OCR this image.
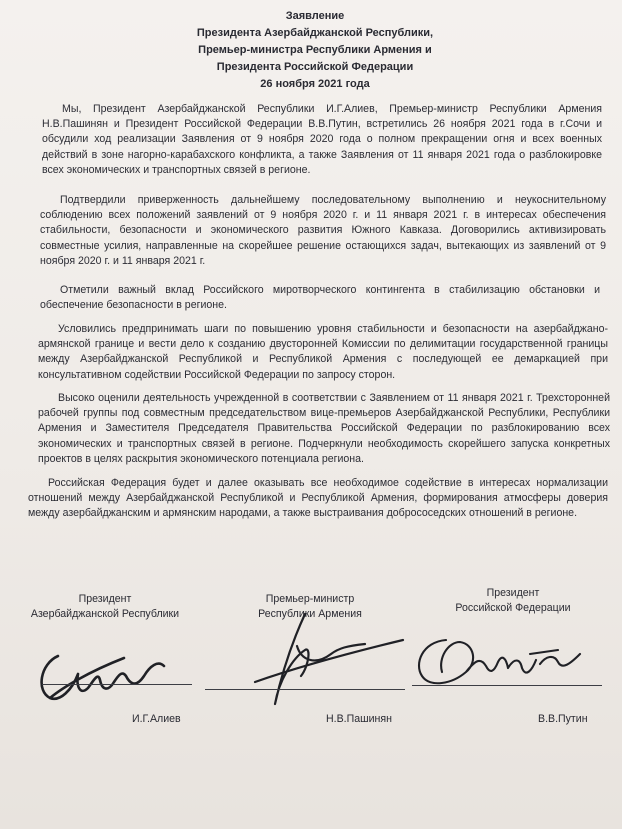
Заявление
Президента Азербайджанской Республики,
Премьер-министра Республики Армения и
Президента Российской Федерации
26 ноября 2021 года

Мы, Президент Азербайджанской Республики И.Г.Алиев, Премьер-министр Республики Армения Н.В.Пашинян и Президент Российской Федерации В.В.Путин, встретились 26 ноября 2021 года в г.Сочи и обсудили ход реализации Заявления от 9 ноября 2020 года о полном прекращении огня и всех военных действий в зоне нагорно-карабахского конфликта, а также Заявления от 11 января 2021 года о разблокировке всех экономических и транспортных связей в регионе.

Подтвердили приверженность дальнейшему последовательному выполнению и неукоснительному соблюдению всех положений заявлений от 9 ноября 2020 г. и 11 января 2021 г. в интересах обеспечения стабильности, безопасности и экономического развития Южного Кавказа. Договорились активизировать совместные усилия, направленные на скорейшее решение остающихся задач, вытекающих из заявлений от 9 ноября 2020 г. и 11 января 2021 г.

Отметили важный вклад Российского миротворческого контингента в стабилизацию обстановки и обеспечение безопасности в регионе.

Условились предпринимать шаги по повышению уровня стабильности и безопасности на азербайджано-армянской границе и вести дело к созданию двусторонней Комиссии по делимитации государственной границы между Азербайджанской Республикой и Республикой Армения с последующей ее демаркацией при консультативном содействии Российской Федерации по запросу сторон.

Высоко оценили деятельность учрежденной в соответствии с Заявлением от 11 января 2021 г. Трехсторонней рабочей группы под совместным председательством вице-премьеров Азербайджанской Республики, Республики Армения и Заместителя Председателя Правительства Российской Федерации по разблокированию всех экономических и транспортных связей в регионе. Подчеркнули необходимость скорейшего запуска конкретных проектов в целях раскрытия экономического потенциала региона.

Российская Федерация будет и далее оказывать все необходимое содействие в интересах нормализации отношений между Азербайджанской Республикой и Республикой Армения, формирования атмосферы доверия между азербайджанским и армянским народами, а также выстраивания добрососедских отношений в регионе.

Президент
Азербайджанской Республики
И.Г.Алиев
Премьер-министр
Республики Армения
Н.В.Пашинян
Президент
Российской Федерации
В.В.Путин
